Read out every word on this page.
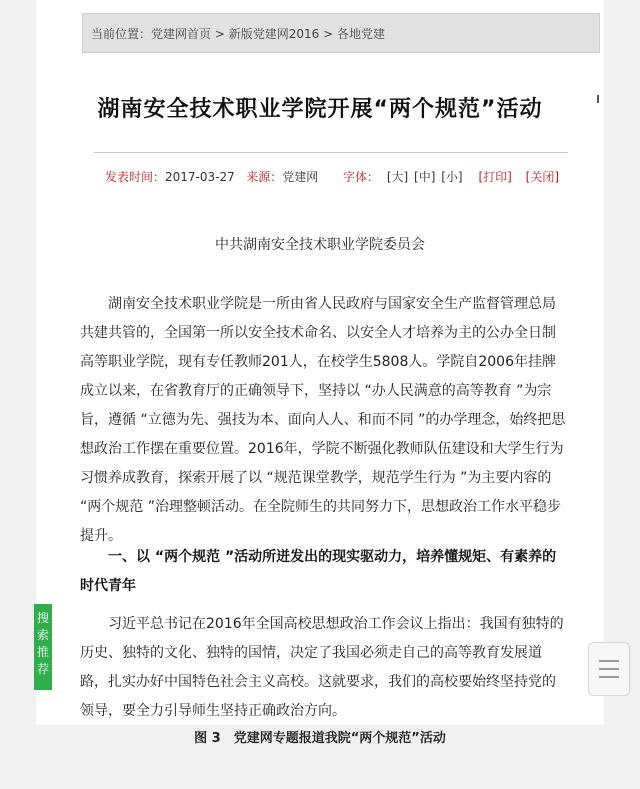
当前位置：党建网首页 > 新版党建网2016 > 各地党建
湖南安全技术职业学院开展“两个规范”活动
发表时间：2017-03-27 来源：党建网 字体： [大] [中] [小] [打印] [关闭]
中共湖南安全技术职业学院委员会
湖南安全技术职业学院是一所由省人民政府与国家安全生产监督管理总局共建共管的，全国第一所以安全技术命名、以安全人才培养为主的公办全日制高等职业学院，现有专任教师201人，在校学生5808人。学院自2006年挂牌成立以来，在省教育厅的正确领导下，坚持以 “办人民满意的高等教育 ”为宗旨，遵循 “立德为先、强技为本、面向人人、和而不同 ”的办学理念，始终把思想政治工作摆在重要位置。2016年，学院不断强化教师队伍建设和大学生行为习惯养成教育，探索开展了以 “规范课堂教学，规范学生行为 ”为主要内容的 “两个规范 ”治理整顿活动。在全院师生的共同努力下，思想政治工作水平稳步提升。
一、以 “两个规范 ”活动所迸发出的现实驱动力，培养懂规矩、有素养的时代青年
习近平总书记在2016年全国高校思想政治工作会议上指出：我国有独特的历史、独特的文化、独特的国情，决定了我国必须走自己的高等教育发展道路，扎实办好中国特色社会主义高校。这就要求，我们的高校要始终坚持党的领导，要全力引导师生坚持正确政治方向。
图 3　党建网专题报道我院“两个规范”活动
搜索推荐
